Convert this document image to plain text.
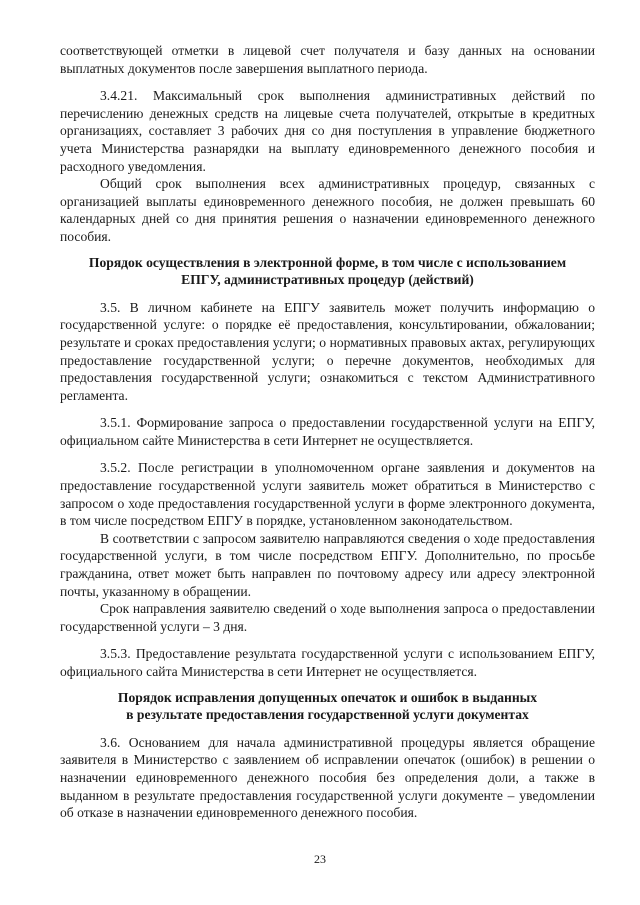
соответствующей отметки в лицевой счет получателя и базу данных на основании выплатных документов после завершения выплатного периода.

3.4.21. Максимальный срок выполнения административных действий по перечислению денежных средств на лицевые счета получателей, открытые в кредитных организациях, составляет 3 рабочих дня со дня поступления в управление бюджетного учета Министерства разнарядки на выплату единовременного денежного пособия и расходного уведомления.

Общий срок выполнения всех административных процедур, связанных с организацией выплаты единовременного денежного пособия, не должен превышать 60 календарных дней со дня принятия решения о назначении единовременного денежного пособия.

Порядок осуществления в электронной форме, в том числе с использованием
ЕПГУ, административных процедур (действий)

3.5. В личном кабинете на ЕПГУ заявитель может получить информацию о государственной услуге: о порядке её предоставления, консультировании, обжаловании; результате и сроках предоставления услуги; о нормативных правовых актах, регулирующих предоставление государственной услуги; о перечне документов, необходимых для предоставления государственной услуги; ознакомиться с текстом Административного регламента.

3.5.1. Формирование запроса о предоставлении государственной услуги на ЕПГУ, официальном сайте Министерства в сети Интернет не осуществляется.

3.5.2. После регистрации в уполномоченном органе заявления и документов на предоставление государственной услуги заявитель может обратиться в Министерство с запросом о ходе предоставления государственной услуги в форме электронного документа, в том числе посредством ЕПГУ в порядке, установленном законодательством.

В соответствии с запросом заявителю направляются сведения о ходе предоставления государственной услуги, в том числе посредством ЕПГУ. Дополнительно, по просьбе гражданина, ответ может быть направлен по почтовому адресу или адресу электронной почты, указанному в обращении.

Срок направления заявителю сведений о ходе выполнения запроса о предоставлении государственной услуги – 3 дня.

3.5.3. Предоставление результата государственной услуги с использованием ЕПГУ, официального сайта Министерства в сети Интернет не осуществляется.

Порядок исправления допущенных опечаток и ошибок в выданных
в результате предоставления государственной услуги документах

3.6. Основанием для начала административной процедуры является обращение заявителя в Министерство с заявлением об исправлении опечаток (ошибок) в решении о назначении единовременного денежного пособия без определения доли, а также в выданном в результате предоставления государственной услуги документе – уведомлении об отказе в назначении единовременного денежного пособия.

23
